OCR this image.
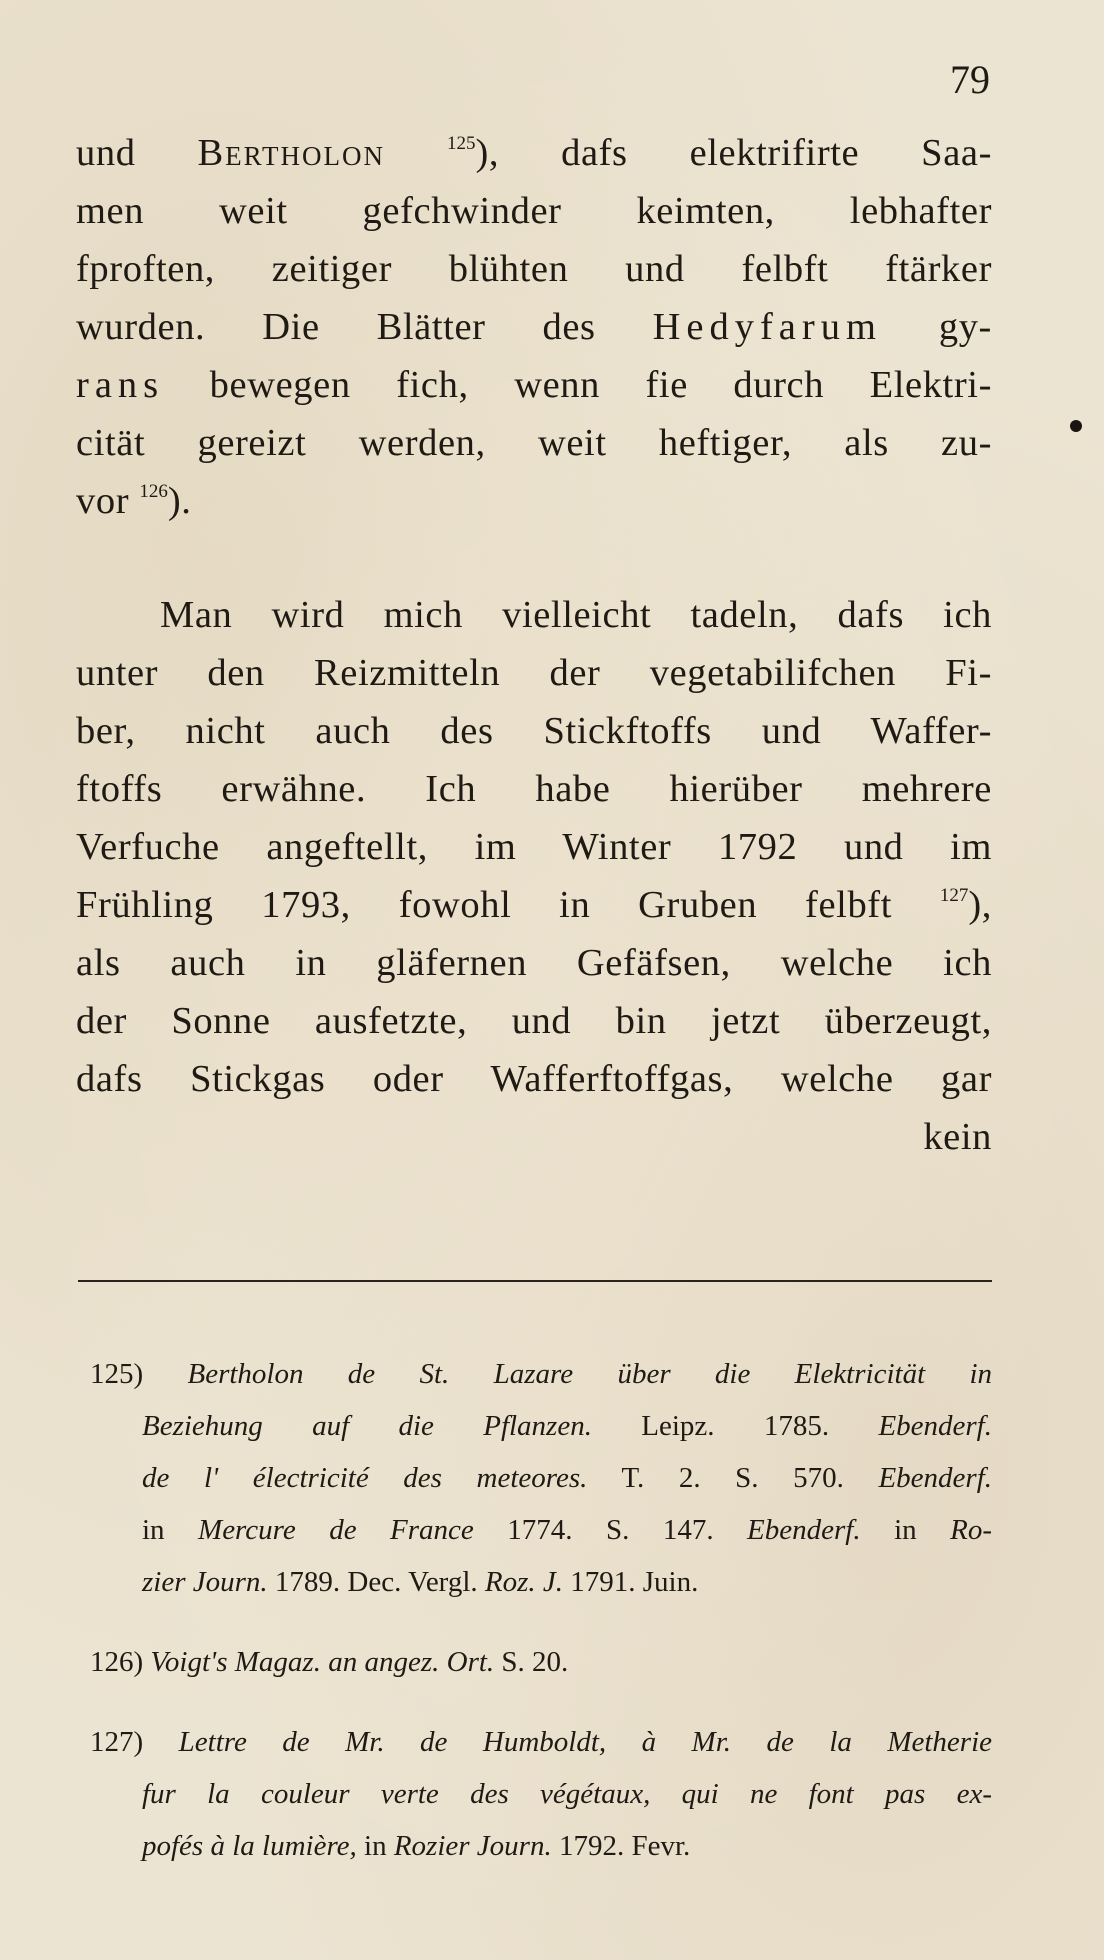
79
und Bertholon	$^{125}$), dafs elektrifirte Saa-
men weit gefchwinder keimten, lebhafter
fproften, zeitiger blühten und felbft ftärker
wurden. Die Blätter des Hedyfarum gy-
rans bewegen fich, wenn fie durch Elektri-
cität gereizt werden, weit heftiger, als zu-
vor $^{126}$).
Man wird mich vielleicht tadeln, dafs ich
unter den Reizmitteln der vegetabilifchen Fi-
ber, nicht auch des Stickftoffs und Waffer-
ftoffs erwähne. Ich habe hierüber mehrere
Verfuche angeftellt, im Winter 1792 und im
Frühling 1793, fowohl in Gruben felbft $^{127}$),
als auch in gläfernen Gefäfsen, welche ich
der Sonne ausfetzte, und bin jetzt überzeugt,
dafs Stickgas oder Wafferftoffgas, welche gar
kein
125) Bertholon de St. Lazare über die Elektricität in
Beziehung auf die Pflanzen. Leipz. 1785. Ebenderf.
de l' électricité des meteores. T. 2. S. 570. Ebenderf.
in Mercure de France 1774. S. 147. Ebenderf. in Ro-
zier Journ. 1789. Dec. Vergl. Roz. J. 1791. Juin.
126) Voigt's Magaz. an angez. Ort. S. 20.
127) Lettre de Mr. de Humboldt, à Mr. de la Metherie
fur la couleur verte des végétaux, qui ne font pas ex-
pofés à la lumière, in Rozier Journ. 1792. Fevr.
